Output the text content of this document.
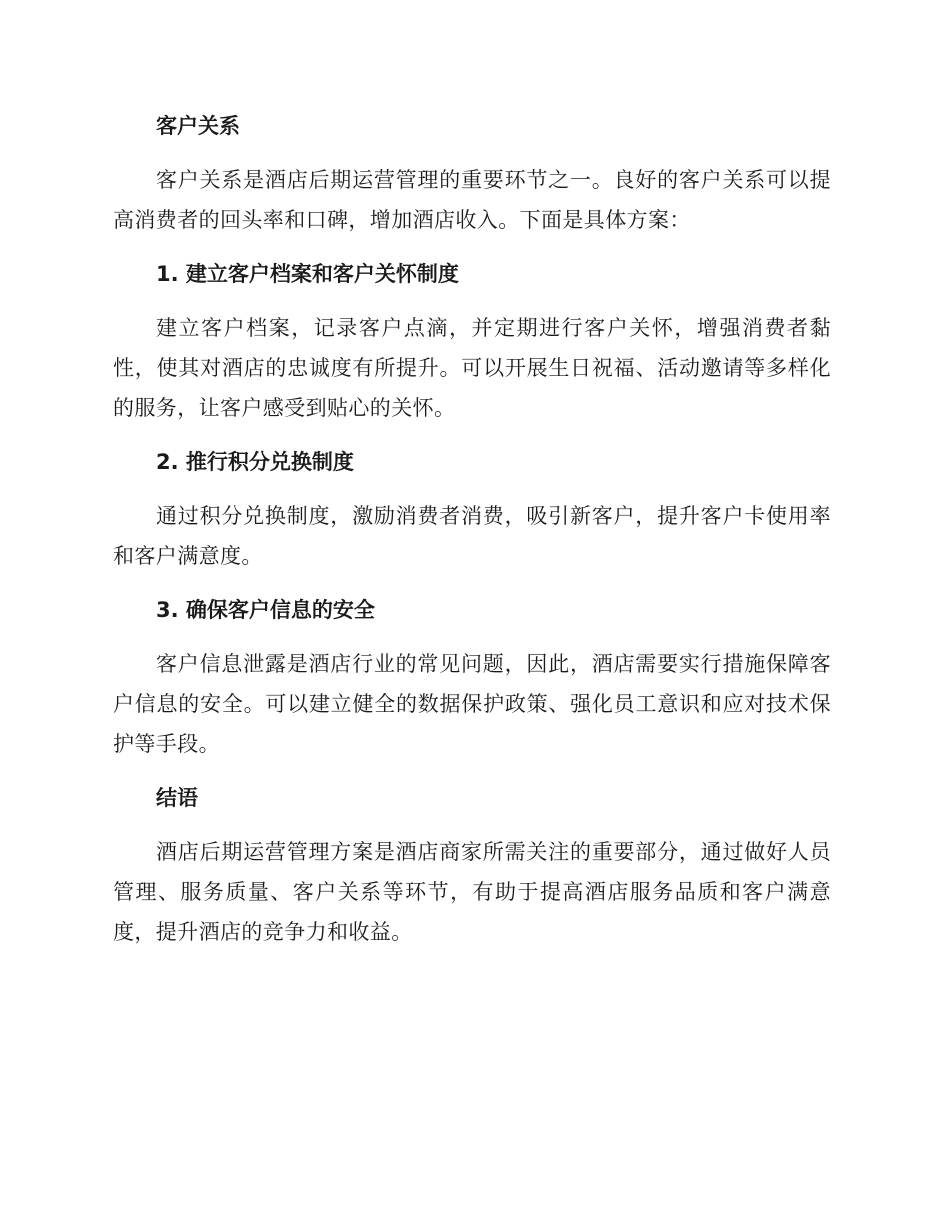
客户关系

客户关系是酒店后期运营管理的重要环节之一。良好的客户关系可以提高消费者的回头率和口碑，增加酒店收入。下面是具体方案：

1. 建立客户档案和客户关怀制度

建立客户档案，记录客户点滴，并定期进行客户关怀，增强消费者黏性，使其对酒店的忠诚度有所提升。可以开展生日祝福、活动邀请等多样化的服务，让客户感受到贴心的关怀。

2. 推行积分兑换制度

通过积分兑换制度，激励消费者消费，吸引新客户，提升客户卡使用率和客户满意度。

3. 确保客户信息的安全

客户信息泄露是酒店行业的常见问题，因此，酒店需要实行措施保障客户信息的安全。可以建立健全的数据保护政策、强化员工意识和应对技术保护等手段。

结语

酒店后期运营管理方案是酒店商家所需关注的重要部分，通过做好人员管理、服务质量、客户关系等环节，有助于提高酒店服务品质和客户满意度，提升酒店的竞争力和收益。
